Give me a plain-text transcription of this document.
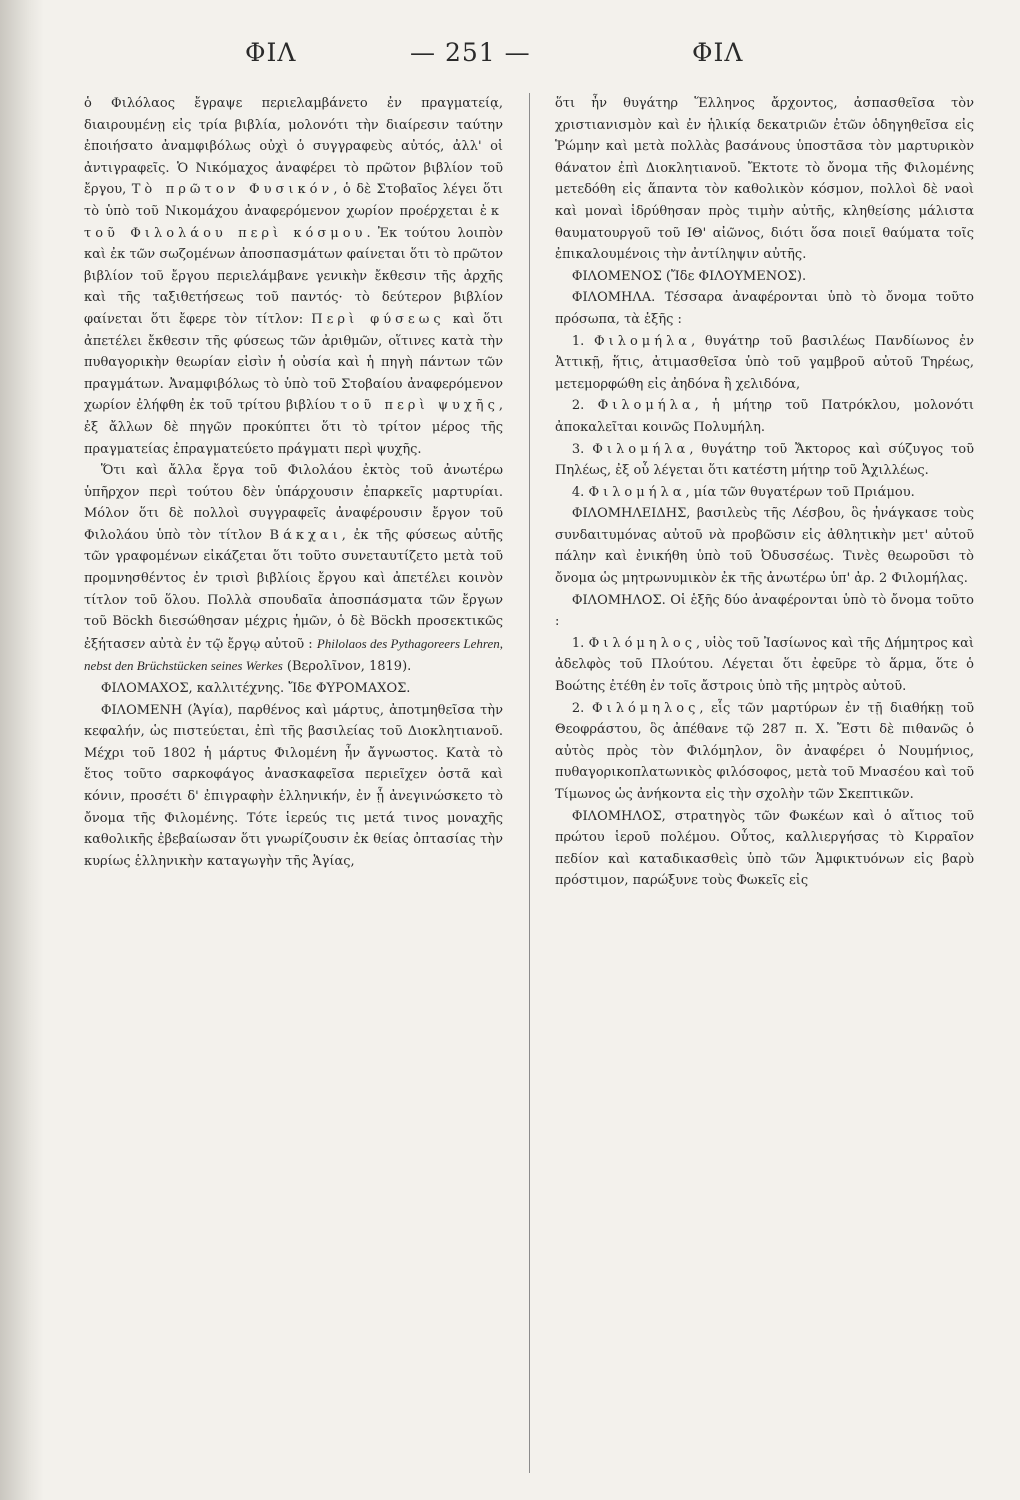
ΦΙΛ	— 251 —	ΦΙΛ

ὁ Φιλόλαος ἔγραψε περιελαμβάνετο ἐν πραγματείᾳ, διαιρουμένῃ εἰς τρία βιβλία, μολονότι τὴν διαίρεσιν ταύτην ἐποιήσατο ἀναμφιβόλως οὐχὶ ὁ συγγραφεὺς αὐτός, ἀλλ' οἱ ἀντιγραφεῖς. Ὁ Νικόμαχος ἀναφέρει τὸ πρῶτον βιβλίον τοῦ ἔργου, Τὸ πρῶτον Φυσικόν, ὁ δὲ Στοβαῖος λέγει ὅτι τὸ ὑπὸ τοῦ Νικομάχου ἀναφερόμενον χωρίον προέρχεται ἐκ τοῦ Φιλολάου περὶ κόσμου. Ἐκ τούτου λοιπὸν καὶ ἐκ τῶν σωζομένων ἀποσπασμάτων φαίνεται ὅτι τὸ πρῶτον βιβλίον τοῦ ἔργου περιελάμβανε γενικὴν ἔκθεσιν τῆς ἀρχῆς καὶ τῆς ταξιθετήσεως τοῦ παντός· τὸ δεύτερον βιβλίον φαίνεται ὅτι ἔφερε τὸν τίτλον: Περὶ φύσεως καὶ ὅτι ἀπετέλει ἔκθεσιν τῆς φύσεως τῶν ἀριθμῶν, οἵτινες κατὰ τὴν πυθαγορικὴν θεωρίαν εἰσὶν ἡ οὐσία καὶ ἡ πηγὴ πάντων τῶν πραγμάτων. Ἀναμφιβόλως τὸ ὑπὸ τοῦ Στοβαίου ἀναφερόμενον χωρίον ἐλήφθη ἐκ τοῦ τρίτου βιβλίου τοῦ περὶ ψυχῆς, ἐξ ἄλλων δὲ πηγῶν προκύπτει ὅτι τὸ τρίτον μέρος τῆς πραγματείας ἐπραγματεύετο πράγματι περὶ ψυχῆς.

Ὅτι καὶ ἄλλα ἔργα τοῦ Φιλολάου ἐκτὸς τοῦ ἀνωτέρω ὑπῆρχον περὶ τούτου δὲν ὑπάρχουσιν ἐπαρκεῖς μαρτυρίαι. Μόλον ὅτι δὲ πολλοὶ συγγραφεῖς ἀναφέρουσιν ἔργον τοῦ Φιλολάου ὑπὸ τὸν τίτλον Βάκχαι, ἐκ τῆς φύσεως αὐτῆς τῶν γραφομένων εἰκάζεται ὅτι τοῦτο συνεταυτίζετο μετὰ τοῦ προμνησθέντος ἐν τρισὶ βιβλίοις ἔργου καὶ ἀπετέλει κοινὸν τίτλον τοῦ ὅλου. Πολλὰ σπουδαῖα ἀποσπάσματα τῶν ἔργων τοῦ Böckh διεσώθησαν μέχρις ἡμῶν, ὁ δὲ Böckh προσεκτικῶς ἐξήτασεν αὐτὰ ἐν τῷ ἔργῳ αὐτοῦ : Philolaos des Pythagoreers Lehren, nebst den Brüchstücken seines Werkes (Βερολῖνον, 1819).

ΦΙΛΟΜΑΧΟΣ, καλλιτέχνης. Ἴδε ΦΥΡΟΜΑΧΟΣ.

ΦΙΛΟΜΕΝΗ (Ἁγία), παρθένος καὶ μάρτυς, ἀποτμηθεῖσα τὴν κεφαλήν, ὡς πιστεύεται, ἐπὶ τῆς βασιλείας τοῦ Διοκλητιανοῦ. Μέχρι τοῦ 1802 ἡ μάρτυς Φιλομένη ἦν ἄγνωστος. Κατὰ τὸ ἔτος τοῦτο σαρκοφάγος ἀνασκαφεῖσα περιεῖχεν ὀστᾶ καὶ κόνιν, προσέτι δ' ἐπιγραφὴν ἑλληνικήν, ἐν ᾗ ἀνεγινώσκετο τὸ ὄνομα τῆς Φιλομένης. Τότε ἱερεύς τις μετά τινος μοναχῆς καθολικῆς ἐβεβαίωσαν ὅτι γνωρίζουσιν ἐκ θείας ὀπτασίας τὴν κυρίως ἑλληνικὴν καταγωγὴν τῆς Ἁγίας,

ὅτι ἦν θυγάτηρ Ἕλληνος ἄρχοντος, ἀσπασθεῖσα τὸν χριστιανισμὸν καὶ ἐν ἡλικίᾳ δεκατριῶν ἐτῶν ὁδηγηθεῖσα εἰς Ῥώμην καὶ μετὰ πολλὰς βασάνους ὑποστᾶσα τὸν μαρτυρικὸν θάνατον ἐπὶ Διοκλητιανοῦ. Ἔκτοτε τὸ ὄνομα τῆς Φιλομένης μετεδόθη εἰς ἅπαντα τὸν καθολικὸν κόσμον, πολλοὶ δὲ ναοὶ καὶ μοναὶ ἱδρύθησαν πρὸς τιμὴν αὐτῆς, κληθείσης μάλιστα θαυματουργοῦ τοῦ ΙΘ' αἰῶνος, διότι ὅσα ποιεῖ θαύματα τοῖς ἐπικαλουμένοις τὴν ἀντίληψιν αὐτῆς.

ΦΙΛΟΜΕΝΟΣ (Ἴδε ΦΙΛΟΥΜΕΝΟΣ).

ΦΙΛΟΜΗΛΑ. Τέσσαρα ἀναφέρονται ὑπὸ τὸ ὄνομα τοῦτο πρόσωπα, τὰ ἑξῆς :

1. Φιλομήλα, θυγάτηρ τοῦ βασιλέως Πανδίωνος ἐν Ἀττικῇ, ἥτις, ἀτιμασθεῖσα ὑπὸ τοῦ γαμβροῦ αὐτοῦ Τηρέως, μετεμορφώθη εἰς ἀηδόνα ἢ χελιδόνα,

2. Φιλομήλα, ἡ μήτηρ τοῦ Πατρόκλου, μολονότι ἀποκαλεῖται κοινῶς Πολυμήλη.

3. Φιλομήλα, θυγάτηρ τοῦ Ἄκτορος καὶ σύζυγος τοῦ Πηλέως, ἐξ οὗ λέγεται ὅτι κατέστη μήτηρ τοῦ Ἀχιλλέως.

4. Φιλομήλα, μία τῶν θυγατέρων τοῦ Πριάμου.

ΦΙΛΟΜΗΛΕΙΔΗΣ, βασιλεὺς τῆς Λέσβου, ὃς ἠνάγκασε τοὺς συνδαιτυμόνας αὐτοῦ νὰ προβῶσιν εἰς ἀθλητικὴν μετ' αὐτοῦ πάλην καὶ ἐνικήθη ὑπὸ τοῦ Ὀδυσσέως. Τινὲς θεωροῦσι τὸ ὄνομα ὡς μητρωνυμικὸν ἐκ τῆς ἀνωτέρω ὑπ' ἀρ. 2 Φιλομήλας.

ΦΙΛΟΜΗΛΟΣ. Οἱ ἑξῆς δύο ἀναφέρονται ὑπὸ τὸ ὄνομα τοῦτο :

1. Φιλόμηλος, υἱὸς τοῦ Ἰασίωνος καὶ τῆς Δήμητρος καὶ ἀδελφὸς τοῦ Πλούτου. Λέγεται ὅτι ἐφεῦρε τὸ ἅρμα, ὅτε ὁ Βοώτης ἐτέθη ἐν τοῖς ἄστροις ὑπὸ τῆς μητρὸς αὐτοῦ.

2. Φιλόμηλος, εἷς τῶν μαρτύρων ἐν τῇ διαθήκῃ τοῦ Θεοφράστου, ὃς ἀπέθανε τῷ 287 π. Χ. Ἔστι δὲ πιθανῶς ὁ αὐτὸς πρὸς τὸν Φιλόμηλον, ὃν ἀναφέρει ὁ Νουμήνιος, πυθαγορικοπλατωνικὸς φιλόσοφος, μετὰ τοῦ Μνασέου καὶ τοῦ Τίμωνος ὡς ἀνήκοντα εἰς τὴν σχολὴν τῶν Σκεπτικῶν.

ΦΙΛΟΜΗΛΟΣ, στρατηγὸς τῶν Φωκέων καὶ ὁ αἴτιος τοῦ πρώτου ἱεροῦ πολέμου. Οὗτος, καλλιεργήσας τὸ Κιρραῖον πεδίον καὶ καταδικασθεὶς ὑπὸ τῶν Ἀμφικτυόνων εἰς βαρὺ πρόστιμον, παρώξυνε τοὺς Φωκεῖς εἰς
